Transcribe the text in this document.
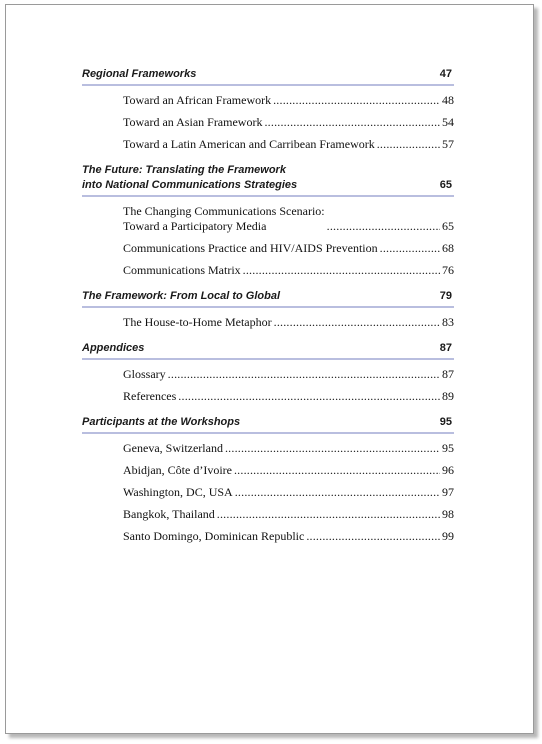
Regional Frameworks	47
Toward an African Framework . . .	48
Toward an Asian Framework . . .	54
Toward a Latin American and Carribean Framework . . .	57
The Future: Translating the Framework
into National Communications Strategies	65
The Changing Communications Scenario:
Toward a Participatory Media . . .	65
Communications Practice and HIV/AIDS Prevention . . .	68
Communications Matrix . . .	76
The Framework: From Local to Global	79
The House-to-Home Metaphor . . .	83
Appendices	87
Glossary . . .	87
References . . .	89
Participants at the Workshops	95
Geneva, Switzerland . . .	95
Abidjan, Côte d’Ivoire . . .	96
Washington, DC, USA . . .	97
Bangkok, Thailand . . .	98
Santo Domingo, Dominican Republic . . .	99
